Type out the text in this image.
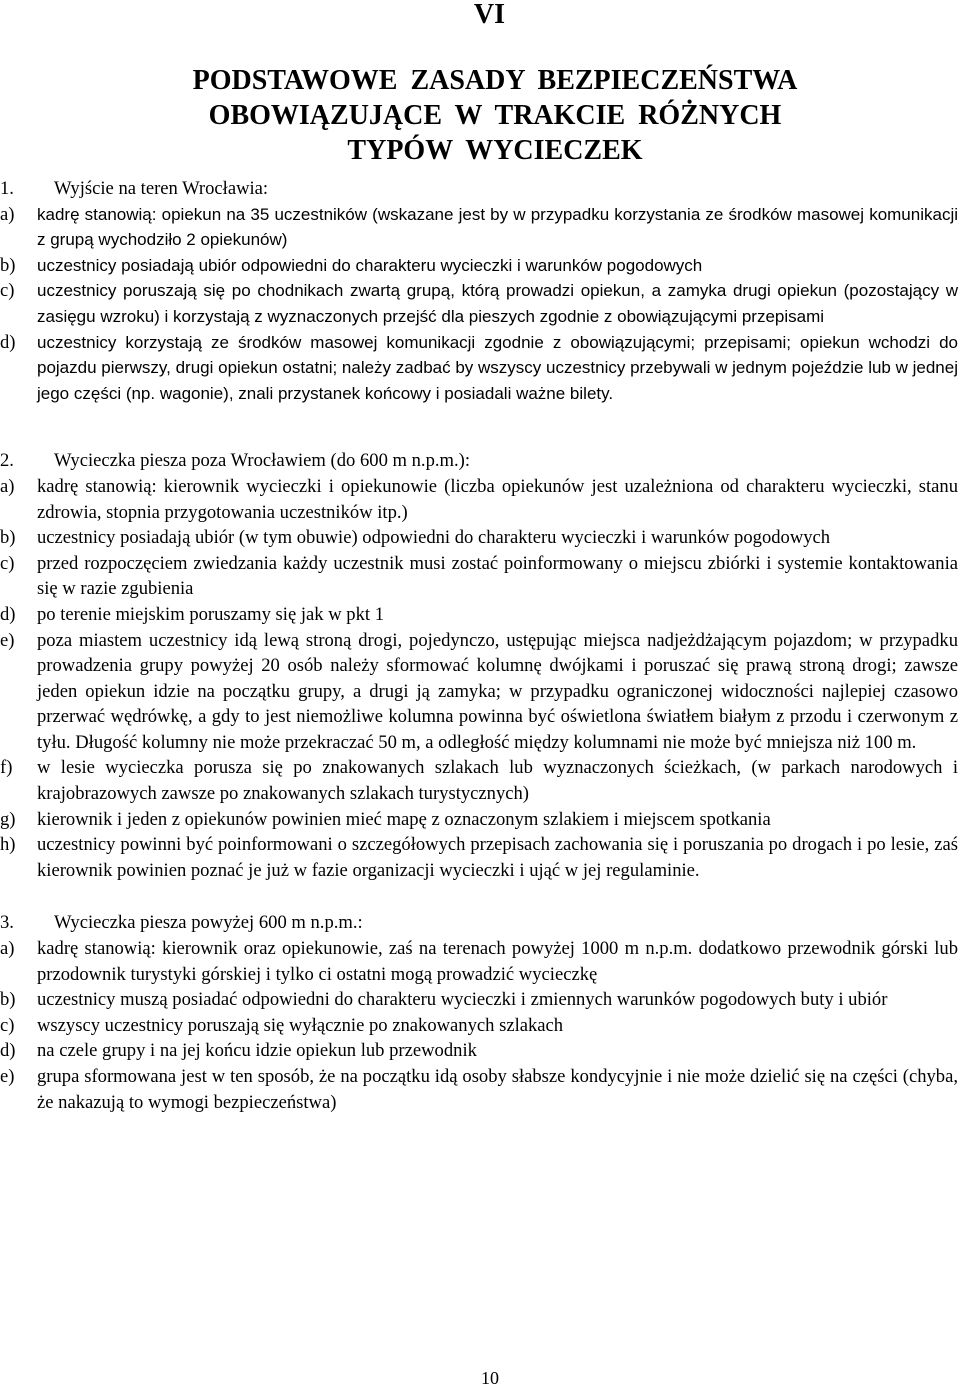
VI
PODSTAWOWE ZASADY BEZPIECZEŃSTWA
OBOWIĄZUJĄCE W TRAKCIE RÓŻNYCH
TYPÓW WYCIECZEK
1.	Wyjście na teren Wrocławia:
a)	kadrę stanowią: opiekun na 35 uczestników (wskazane jest by w przypadku korzystania ze środków masowej komunikacji z grupą wychodziło 2 opiekunów)
b)	uczestnicy posiadają ubiór odpowiedni do charakteru wycieczki i warunków pogodowych
c)	uczestnicy poruszają się po chodnikach zwartą grupą, którą prowadzi opiekun, a zamyka drugi opiekun (pozostający w zasięgu wzroku) i korzystają z wyznaczonych przejść dla pieszych zgodnie z obowiązującymi przepisami
d)	uczestnicy korzystają ze środków masowej komunikacji zgodnie z obowiązującymi; przepisami; opiekun wchodzi do pojazdu pierwszy, drugi opiekun ostatni; należy zadbać by wszyscy uczestnicy przebywali w jednym pojeździe lub w jednej jego części (np. wagonie), znali przystanek końcowy i posiadali ważne bilety.
2.	Wycieczka piesza poza Wrocławiem (do 600 m n.p.m.):
a)	kadrę stanowią: kierownik wycieczki i opiekunowie (liczba opiekunów jest uzależniona od charakteru wycieczki, stanu zdrowia, stopnia przygotowania uczestników itp.)
b)	uczestnicy posiadają ubiór (w tym obuwie) odpowiedni do charakteru wycieczki i warunków pogodowych
c)	przed rozpoczęciem zwiedzania każdy uczestnik musi zostać poinformowany o miejscu zbiórki i systemie kontaktowania się w razie zgubienia
d)	po terenie miejskim poruszamy się jak w pkt 1
e)	poza miastem uczestnicy idą lewą stroną drogi, pojedynczo, ustępując miejsca nadjeżdżającym pojazdom; w przypadku prowadzenia grupy powyżej 20 osób należy sformować kolumnę dwójkami i poruszać się prawą stroną drogi; zawsze jeden opiekun idzie na początku grupy, a drugi ją zamyka; w przypadku ograniczonej widoczności najlepiej czasowo przerwać wędrówkę, a gdy to jest niemożliwe kolumna powinna być oświetlona światłem białym z przodu i czerwonym z tyłu. Długość kolumny nie może przekraczać 50 m, a odległość między kolumnami nie może być mniejsza niż 100 m.
f)	w lesie wycieczka porusza się po znakowanych szlakach lub wyznaczonych ścieżkach, (w parkach narodowych i krajobrazowych zawsze po znakowanych szlakach turystycznych)
g)	kierownik i jeden z opiekunów powinien mieć mapę z oznaczonym szlakiem i miejscem spotkania
h)	uczestnicy powinni być poinformowani o szczegółowych przepisach zachowania się i poruszania po drogach i po lesie, zaś kierownik powinien poznać je już w fazie organizacji wycieczki i ująć w jej regulaminie.
3.	Wycieczka piesza powyżej 600 m n.p.m.:
a)	kadrę stanowią: kierownik oraz opiekunowie, zaś na terenach powyżej 1000 m n.p.m. dodatkowo przewodnik górski lub przodownik turystyki górskiej i tylko ci ostatni mogą prowadzić wycieczkę
b)	uczestnicy muszą posiadać odpowiedni do charakteru wycieczki i zmiennych warunków pogodowych buty i ubiór
c)	wszyscy uczestnicy poruszają się wyłącznie po znakowanych szlakach
d)	na czele grupy i na jej końcu idzie opiekun lub przewodnik
e)	grupa sformowana jest w ten sposób, że na początku idą osoby słabsze kondycyjnie i nie może dzielić się na części (chyba, że nakazują to wymogi bezpieczeństwa)
10
